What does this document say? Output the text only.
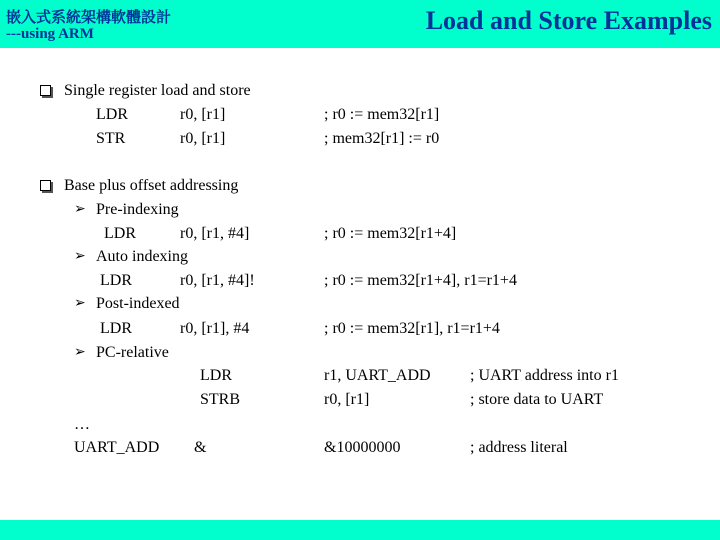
嵌入式系統架構軟體設計
---using ARM	Load and Store Examples
Single register load and store
LDR	r0, [r1]	; r0 := mem32[r1]
STR	r0, [r1]	; mem32[r1] := r0
Base plus offset addressing
➢ Pre-indexing
LDR	r0, [r1, #4]	; r0 := mem32[r1+4]
➢ Auto indexing
LDR	r0, [r1, #4]!	; r0 := mem32[r1+4], r1=r1+4
➢ Post-indexed
LDR	r0, [r1], #4	; r0 := mem32[r1], r1=r1+4
➢ PC-relative
LDR	r1, UART_ADD ; UART address into r1
STRB	r0, [r1]	; store data to UART
…
UART_ADD &	&10000000	; address literal
